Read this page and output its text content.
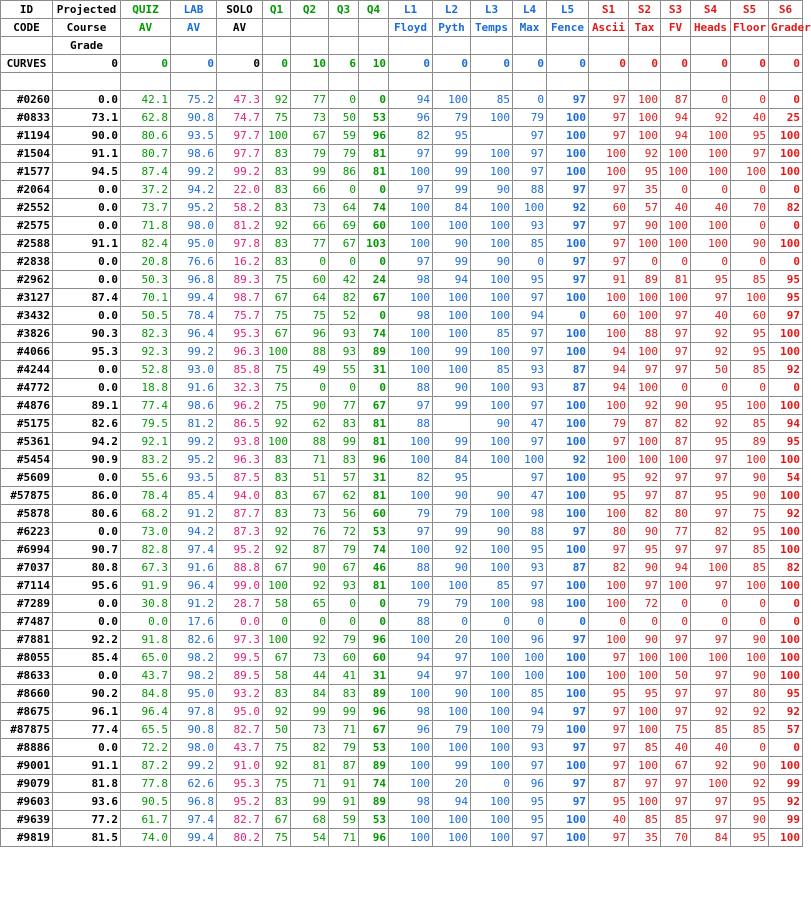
ID	Projected	QUIZ	LAB	SOLO	Q1	Q2	Q3	Q4	L1	L2	L3	L4	L5	S1	S2	S3	S4	S5	S6
CODE	Course	AV	AV	AV					Floyd	Pyth	Temps	Max	Fence	Ascii	Tax	FV	Heads	Floor	Grader
	Grade																		
CURVES	0	0	0	0	0	10	6	10	0	0	0	0	0	0	0	0	0	0	0

#0260	0.0	42.1	75.2	47.3	92	77	0	0	94	100	85	0	97	97	100	87	0	0	0
#0833	73.1	62.8	90.8	74.7	75	73	50	53	96	79	100	79	100	97	100	94	92	40	25
#1194	90.0	80.6	93.5	97.7	100	67	59	96	82	95		97	100	97	100	94	100	95	100
#1504	91.1	80.7	98.6	97.7	83	79	79	81	97	99	100	97	100	100	92	100	100	97	100
#1577	94.5	87.4	99.2	99.2	83	99	86	81	100	99	100	97	100	100	95	100	100	100	100
#2064	0.0	37.2	94.2	22.0	83	66	0	0	97	99	90	88	97	97	35	0	0	0	0
#2552	0.0	73.7	95.2	58.2	83	73	64	74	100	84	100	100	92	60	57	40	40	70	82
#2575	0.0	71.8	98.0	81.2	92	66	69	60	100	100	100	93	97	97	90	100	100	0	0
#2588	91.1	82.4	95.0	97.8	83	77	67	103	100	90	100	85	100	97	100	100	100	90	100
#2838	0.0	20.8	76.6	16.2	83	0	0	0	97	99	90	0	97	97	0	0	0	0	0
#2962	0.0	50.3	96.8	89.3	75	60	42	24	98	94	100	95	97	91	89	81	95	85	95
#3127	87.4	70.1	99.4	98.7	67	64	82	67	100	100	100	97	100	100	100	100	97	100	95
#3432	0.0	50.5	78.4	75.7	75	75	52	0	98	100	100	94	0	60	100	97	40	60	97
#3826	90.3	82.3	96.4	95.3	67	96	93	74	100	100	85	97	100	100	88	97	92	95	100
#4066	95.3	92.3	99.2	96.3	100	88	93	89	100	99	100	97	100	94	100	97	92	95	100
#4244	0.0	52.8	93.0	85.8	75	49	55	31	100	100	85	93	87	94	97	97	50	85	92
#4772	0.0	18.8	91.6	32.3	75	0	0	0	88	90	100	93	87	94	100	0	0	0	0
#4876	89.1	77.4	98.6	96.2	75	90	77	67	97	99	100	97	100	100	92	90	95	100	100
#5175	82.6	79.5	81.2	86.5	92	62	83	81	88		90	47	100	79	87	82	92	85	94
#5361	94.2	92.1	99.2	93.8	100	88	99	81	100	99	100	97	100	97	100	87	95	89	95
#5454	90.9	83.2	95.2	96.3	83	71	83	96	100	84	100	100	92	100	100	100	97	100	100
#5609	0.0	55.6	93.5	87.5	83	51	57	31	82	95		97	100	95	92	97	97	90	54
#57875	86.0	78.4	85.4	94.0	83	67	62	81	100	90	90	47	100	95	97	87	95	90	100
#5878	80.6	68.2	91.2	87.7	83	73	56	60	79	79	100	98	100	100	82	80	97	75	92
#6223	0.0	73.0	94.2	87.3	92	76	72	53	97	99	90	88	97	80	90	77	82	95	100
#6994	90.7	82.8	97.4	95.2	92	87	79	74	100	92	100	95	100	97	95	97	97	85	100
#7037	80.8	67.3	91.6	88.8	67	90	67	46	88	90	100	93	87	82	90	94	100	85	82
#7114	95.6	91.9	96.4	99.0	100	92	93	81	100	100	85	97	100	100	97	100	97	100	100
#7289	0.0	30.8	91.2	28.7	58	65	0	0	79	79	100	98	100	100	72	0	0	0	0
#7487	0.0	0.0	17.6	0.0	0	0	0	0	88	0	0	0	0	0	0	0	0	0	0
#7881	92.2	91.8	82.6	97.3	100	92	79	96	100	20	100	96	97	100	90	97	97	90	100
#8055	85.4	65.0	98.2	99.5	67	73	60	60	94	97	100	100	100	97	100	100	100	100	100
#8633	0.0	43.7	98.2	89.5	58	44	41	31	94	97	100	100	100	100	100	50	97	90	100
#8660	90.2	84.8	95.0	93.2	83	84	83	89	100	90	100	85	100	95	95	97	97	80	95
#8675	96.1	96.4	97.8	95.0	92	99	99	96	98	100	100	94	97	97	100	97	92	92	92
#87875	77.4	65.5	90.8	82.7	50	73	71	67	96	79	100	79	100	97	100	75	85	85	57
#8886	0.0	72.2	98.0	43.7	75	82	79	53	100	100	100	93	97	97	85	40	40	0	0
#9001	91.1	87.2	99.2	91.0	92	81	87	89	100	99	100	97	100	97	100	67	92	90	100
#9079	81.8	77.8	62.6	95.3	75	71	91	74	100	20	0	96	97	87	97	97	100	92	99
#9603	93.6	90.5	96.8	95.2	83	99	91	89	98	94	100	95	97	95	100	97	97	95	92
#9639	77.2	61.7	97.4	82.7	67	68	59	53	100	100	100	95	100	40	85	85	97	90	99
#9819	81.5	74.0	99.4	80.2	75	54	71	96	100	100	100	97	100	97	35	70	84	95	100
